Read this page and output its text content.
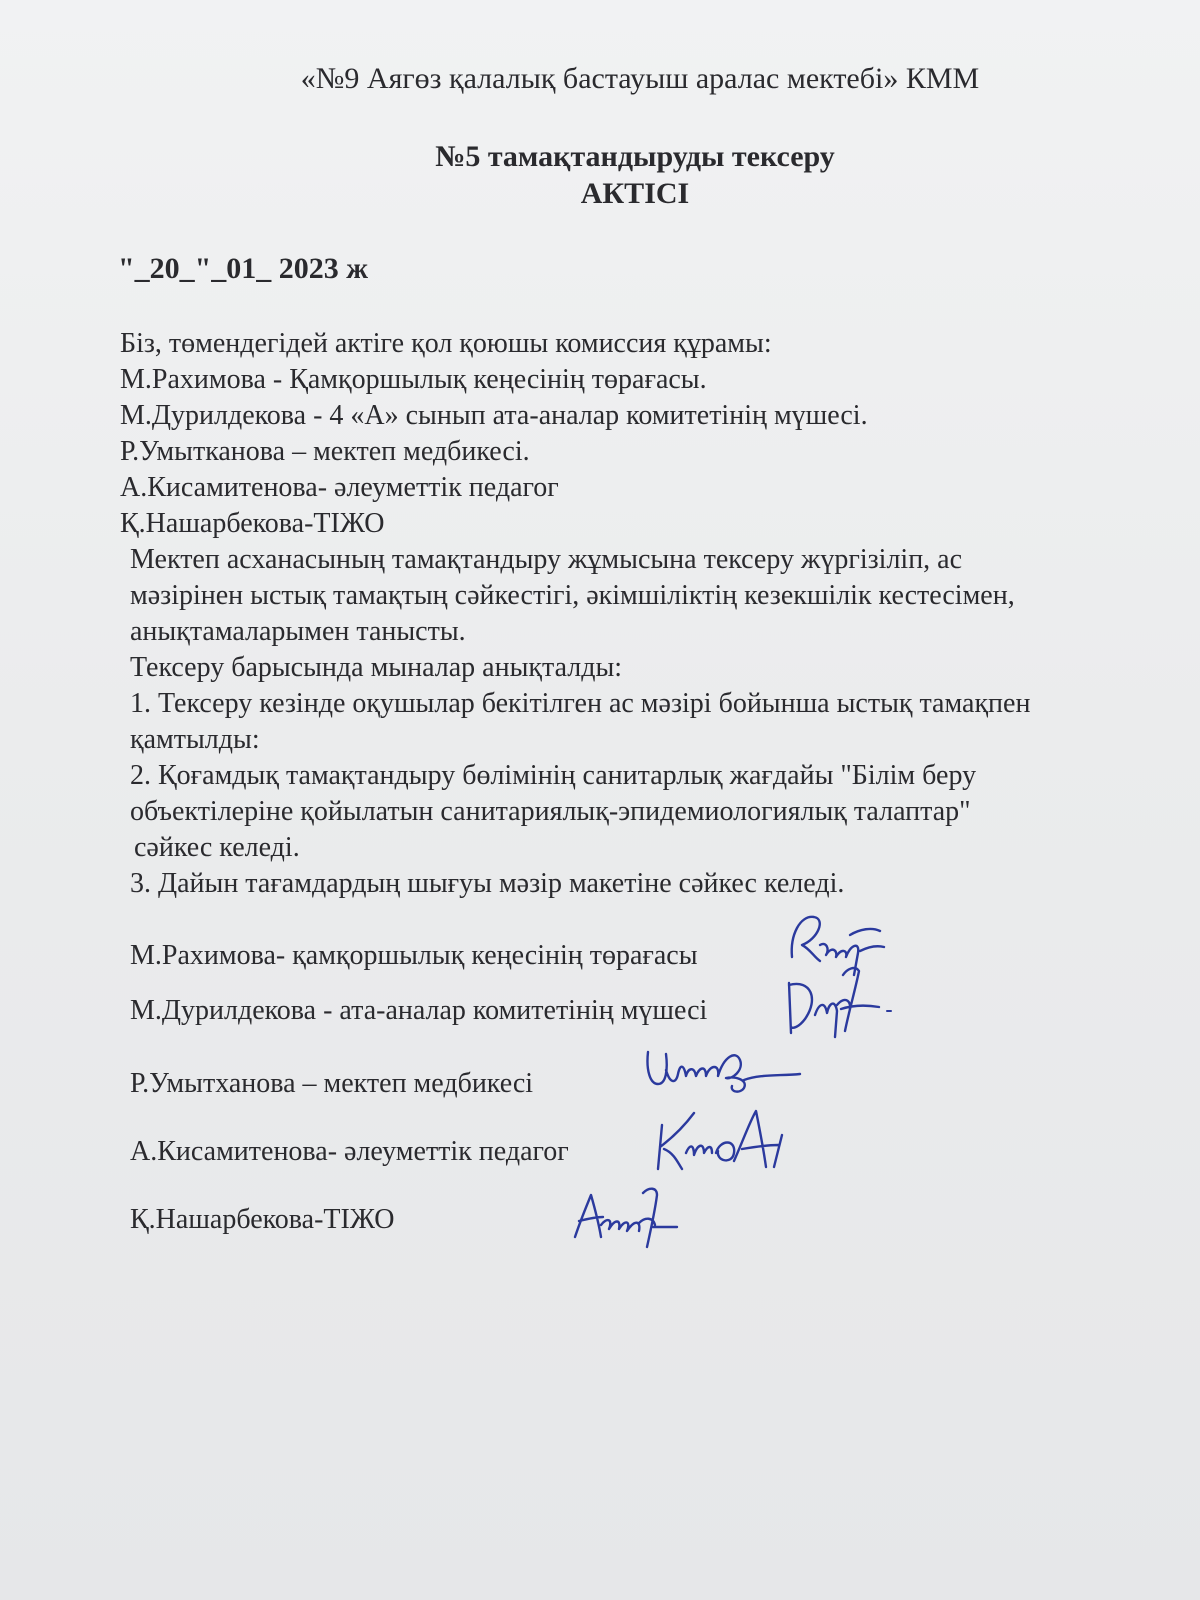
«№9 Аягөз қалалық бастауыш аралас мектебі» КММ
№5 тамақтандыруды тексеру
АКТІСІ
"_20_"_01_ 2023 ж
Біз, төмендегідей актіге қол қоюшы комиссия құрамы:
М.Рахимова - Қамқоршылық кеңесінің төрағасы.
М.Дурилдекова - 4 «А» сынып ата-аналар комитетінің мүшесі.
Р.Умытканова – мектеп медбикесі.
А.Кисамитенова- әлеуметтік педагог
Қ.Нашарбекова-ТІЖО
Мектеп асханасының тамақтандыру жұмысына тексеру жүргізіліп, ас
мәзірінен ыстық тамақтың сәйкестігі, әкімшіліктің кезекшілік кестесімен,
анықтамаларымен танысты.
Тексеру барысында мыналар анықталды:
1. Тексеру кезінде оқушылар бекітілген ас мәзірі бойынша ыстық тамақпен
қамтылды:
2. Қоғамдық тамақтандыру бөлімінің санитарлық жағдайы "Білім беру
объектілеріне қойылатын санитариялық-эпидемиологиялық талаптар"
сәйкес келеді.
3. Дайын тағамдардың шығуы мәзір макетіне сәйкес келеді.
М.Рахимова- қамқоршылық кеңесінің төрағасы
М.Дурилдекова - ата-аналар комитетінің мүшесі
Р.Умытханова – мектеп медбикесі
А.Кисамитенова- әлеуметтік педагог
Қ.Нашарбекова-ТІЖО
